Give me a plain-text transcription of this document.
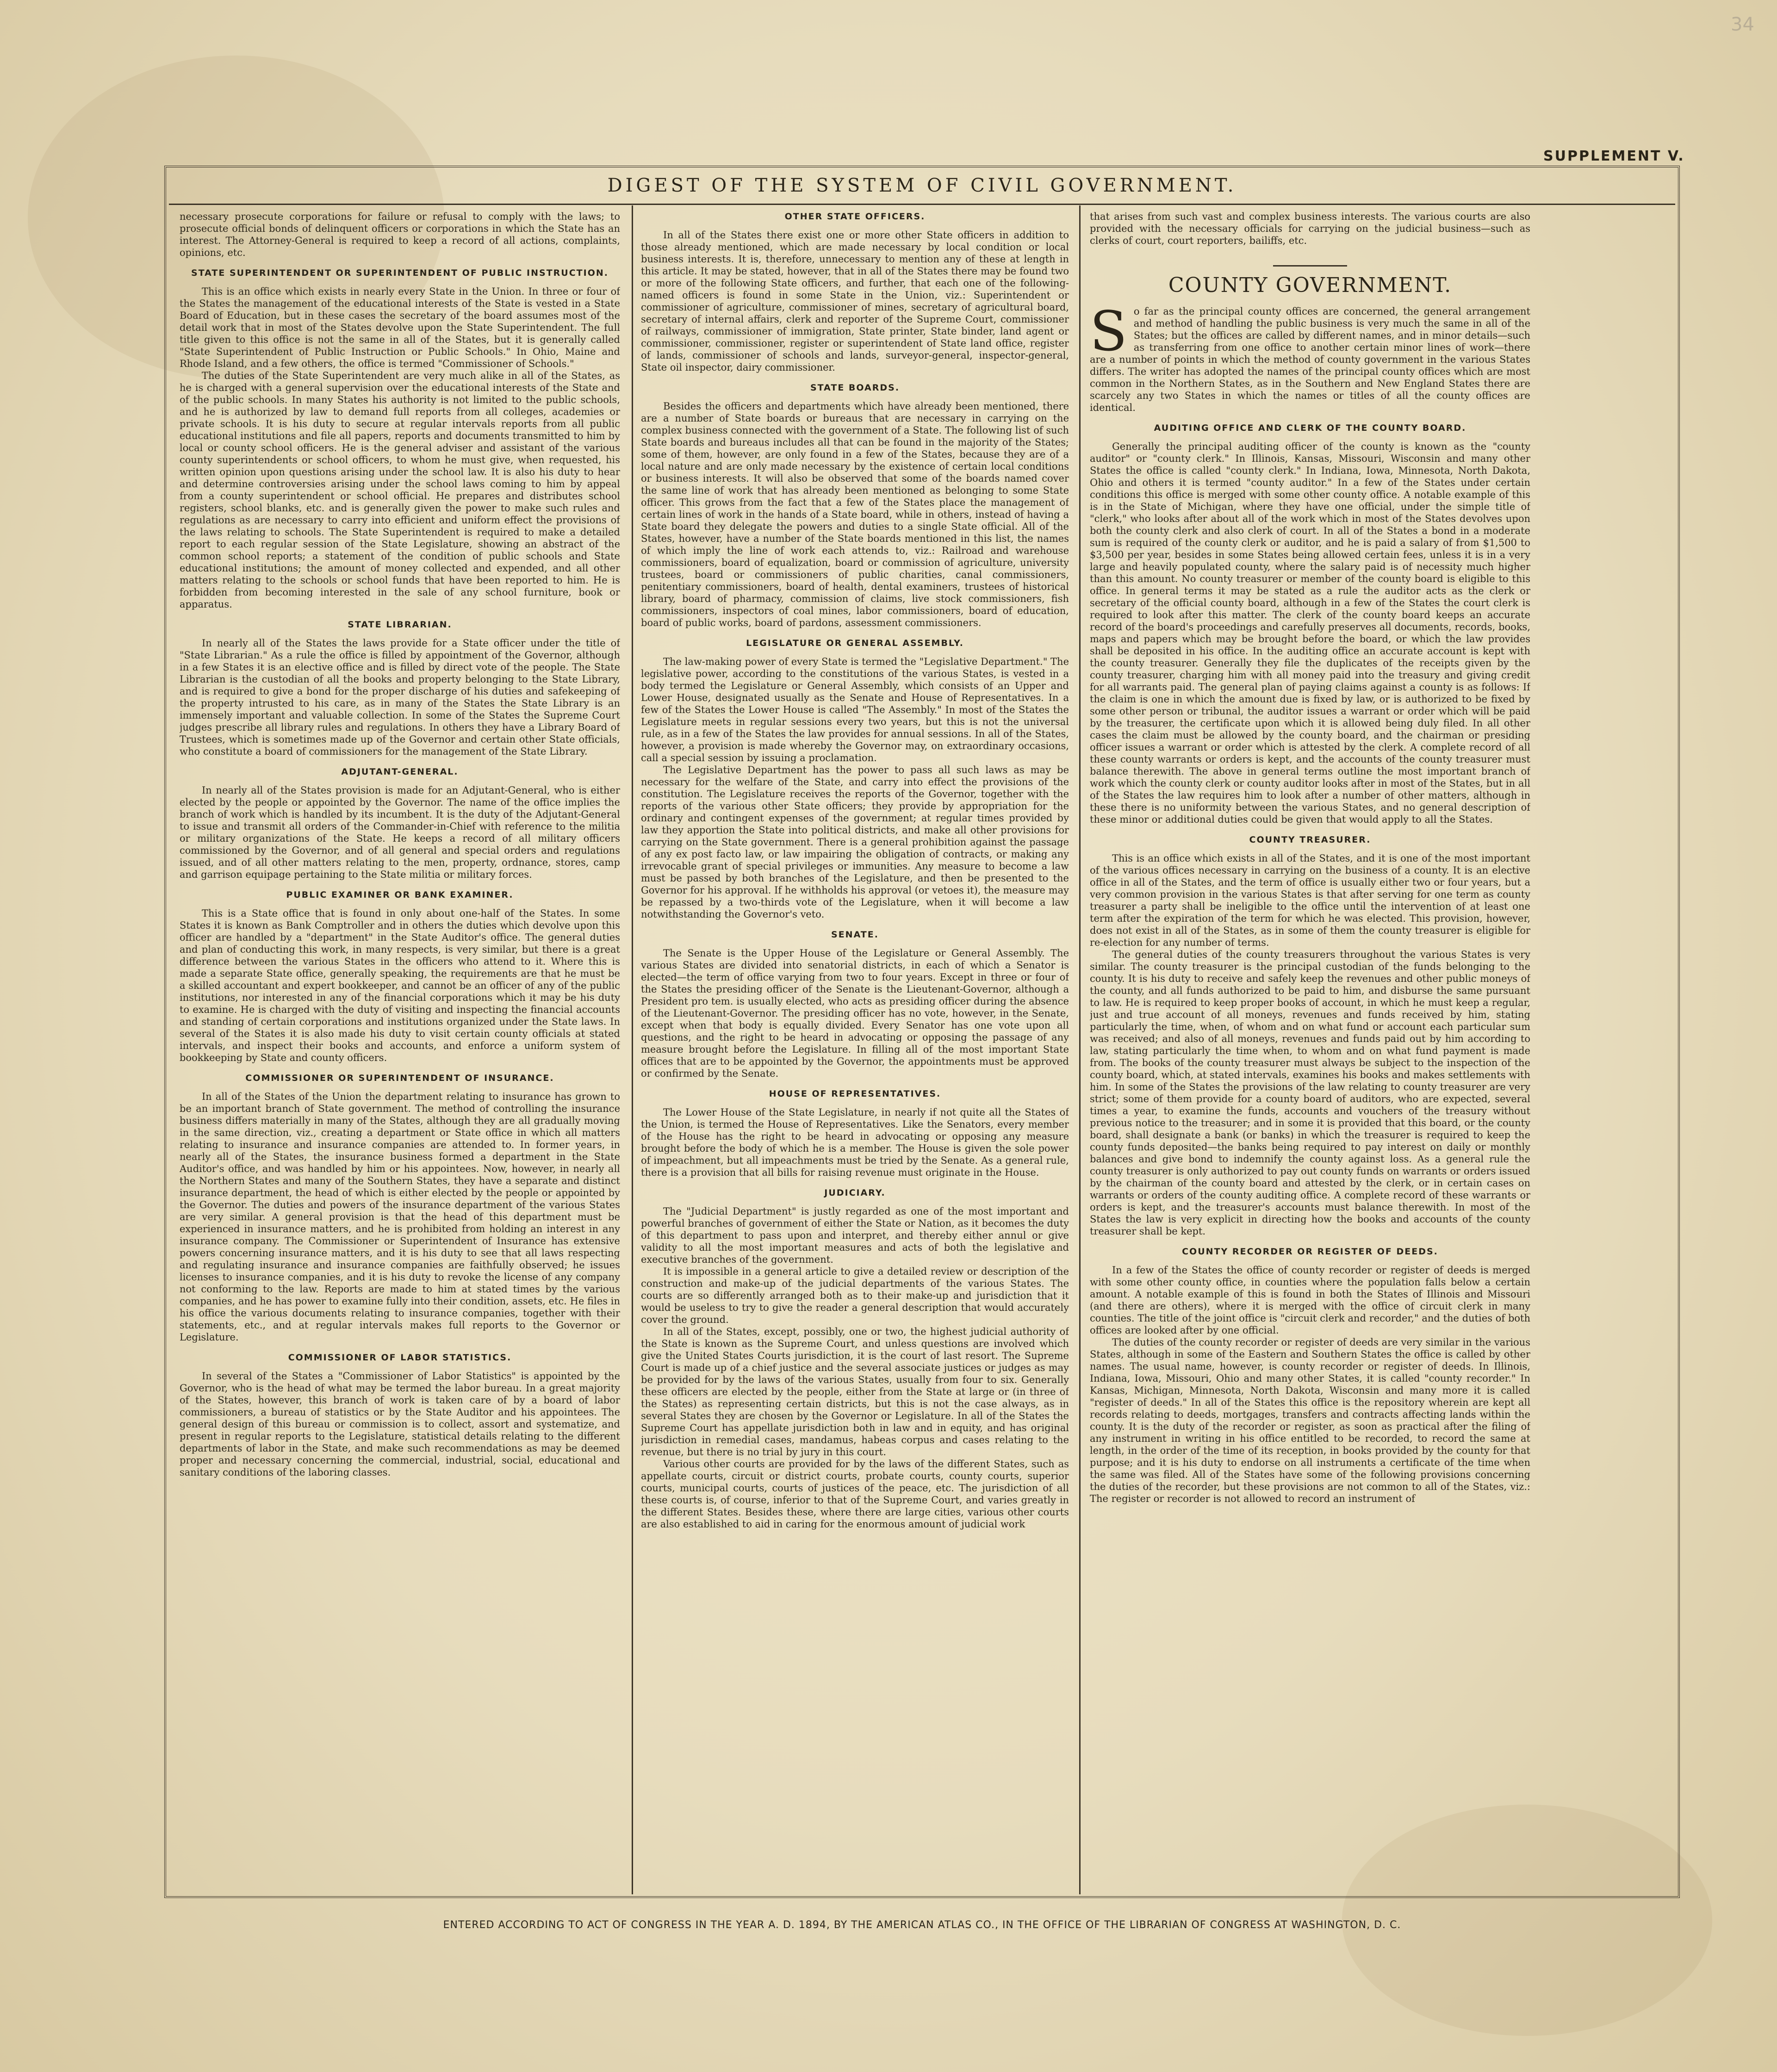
34
SUPPLEMENT V.
DIGEST OF THE SYSTEM OF CIVIL GOVERNMENT.

necessary prosecute corporations for failure or refusal to comply with the laws; to prosecute official bonds of delinquent officers or corporations in which the State has an interest. The Attorney-General is required to keep a record of all actions, complaints, opinions, etc.

STATE SUPERINTENDENT OR SUPERINTENDENT OF PUBLIC INSTRUCTION.

This is an office which exists in nearly every State in the Union. In three or four of the States the management of the educational interests of the State is vested in a State Board of Education, but in these cases the secretary of the board assumes most of the detail work that in most of the States devolve upon the State Superintendent. The full title given to this office is not the same in all of the States, but it is generally called "State Superintendent of Public Instruction or Public Schools." In Ohio, Maine and Rhode Island, and a few others, the office is termed "Commissioner of Schools."

The duties of the State Superintendent are very much alike in all of the States, as he is charged with a general supervision over the educational interests of the State and of the public schools. In many States his authority is not limited to the public schools, and he is authorized by law to demand full reports from all colleges, academies or private schools. It is his duty to secure at regular intervals reports from all public educational institutions and file all papers, reports and documents transmitted to him by local or county school officers. He is the general adviser and assistant of the various county superintendents or school officers, to whom he must give, when requested, his written opinion upon questions arising under the school law. It is also his duty to hear and determine controversies arising under the school laws coming to him by appeal from a county superintendent or school official. He prepares and distributes school registers, school blanks, etc. and is generally given the power to make such rules and regulations as are necessary to carry into efficient and uniform effect the provisions of the laws relating to schools. The State Superintendent is required to make a detailed report to each regular session of the State Legislature, showing an abstract of the common school reports; a statement of the condition of public schools and State educational institutions; the amount of money collected and expended, and all other matters relating to the schools or school funds that have been reported to him. He is forbidden from becoming interested in the sale of any school furniture, book or apparatus.

STATE LIBRARIAN.

In nearly all of the States the laws provide for a State officer under the title of "State Librarian." As a rule the office is filled by appointment of the Governor, although in a few States it is an elective office and is filled by direct vote of the people. The State Librarian is the custodian of all the books and property belonging to the State Library, and is required to give a bond for the proper discharge of his duties and safekeeping of the property intrusted to his care, as in many of the States the State Library is an immensely important and valuable collection. In some of the States the Supreme Court judges prescribe all library rules and regulations. In others they have a Library Board of Trustees, which is sometimes made up of the Governor and certain other State officials, who constitute a board of commissioners for the management of the State Library.

ADJUTANT-GENERAL.

In nearly all of the States provision is made for an Adjutant-General, who is either elected by the people or appointed by the Governor. The name of the office implies the branch of work which is handled by its incumbent. It is the duty of the Adjutant-General to issue and transmit all orders of the Commander-in-Chief with reference to the militia or military organizations of the State. He keeps a record of all military officers commissioned by the Governor, and of all general and special orders and regulations issued, and of all other matters relating to the men, property, ordnance, stores, camp and garrison equipage pertaining to the State militia or military forces.

PUBLIC EXAMINER OR BANK EXAMINER.

This is a State office that is found in only about one-half of the States. In some States it is known as Bank Comptroller and in others the duties which devolve upon this officer are handled by a "department" in the State Auditor's office. The general duties and plan of conducting this work, in many respects, is very similar, but there is a great difference between the various States in the officers who attend to it. Where this is made a separate State office, generally speaking, the requirements are that he must be a skilled accountant and expert bookkeeper, and cannot be an officer of any of the public institutions, nor interested in any of the financial corporations which it may be his duty to examine. He is charged with the duty of visiting and inspecting the financial accounts and standing of certain corporations and institutions organized under the State laws. In several of the States it is also made his duty to visit certain county officials at stated intervals, and inspect their books and accounts, and enforce a uniform system of bookkeeping by State and county officers.

COMMISSIONER OR SUPERINTENDENT OF INSURANCE.

In all of the States of the Union the department relating to insurance has grown to be an important branch of State government. The method of controlling the insurance business differs materially in many of the States, although they are all gradually moving in the same direction, viz., creating a department or State office in which all matters relating to insurance and insurance companies are attended to. In former years, in nearly all of the States, the insurance business formed a department in the State Auditor's office, and was handled by him or his appointees. Now, however, in nearly all the Northern States and many of the Southern States, they have a separate and distinct insurance department, the head of which is either elected by the people or appointed by the Governor. The duties and powers of the insurance department of the various States are very similar. A general provision is that the head of this department must be experienced in insurance matters, and he is prohibited from holding an interest in any insurance company. The Commissioner or Superintendent of Insurance has extensive powers concerning insurance matters, and it is his duty to see that all laws respecting and regulating insurance and insurance companies are faithfully observed; he issues licenses to insurance companies, and it is his duty to revoke the license of any company not conforming to the law. Reports are made to him at stated times by the various companies, and he has power to examine fully into their condition, assets, etc. He files in his office the various documents relating to insurance companies, together with their statements, etc., and at regular intervals makes full reports to the Governor or Legislature.

COMMISSIONER OF LABOR STATISTICS.

In several of the States a "Commissioner of Labor Statistics" is appointed by the Governor, who is the head of what may be termed the labor bureau. In a great majority of the States, however, this branch of work is taken care of by a board of labor commissioners, a bureau of statistics or by the State Auditor and his appointees. The general design of this bureau or commission is to collect, assort and systematize, and present in regular reports to the Legislature, statistical details relating to the different departments of labor in the State, and make such recommendations as may be deemed proper and necessary concerning the commercial, industrial, social, educational and sanitary conditions of the laboring classes.

OTHER STATE OFFICERS.

In all of the States there exist one or more other State officers in addition to those already mentioned, which are made necessary by local condition or local business interests. It is, therefore, unnecessary to mention any of these at length in this article. It may be stated, however, that in all of the States there may be found two or more of the following State officers, and further, that each one of the following-named officers is found in some State in the Union, viz.: Superintendent or commissioner of agriculture, commissioner of mines, secretary of agricultural board, secretary of internal affairs, clerk and reporter of the Supreme Court, commissioner of railways, commissioner of immigration, State printer, State binder, land agent or commissioner, commissioner, register or superintendent of State land office, register of lands, commissioner of schools and lands, surveyor-general, inspector-general, State oil inspector, dairy commissioner.

STATE BOARDS.

Besides the officers and departments which have already been mentioned, there are a number of State boards or bureaus that are necessary in carrying on the complex business connected with the government of a State. The following list of such State boards and bureaus includes all that can be found in the majority of the States; some of them, however, are only found in a few of the States, because they are of a local nature and are only made necessary by the existence of certain local conditions or business interests. It will also be observed that some of the boards named cover the same line of work that has already been mentioned as belonging to some State officer. This grows from the fact that a few of the States place the management of certain lines of work in the hands of a State board, while in others, instead of having a State board they delegate the powers and duties to a single State official. All of the States, however, have a number of the State boards mentioned in this list, the names of which imply the line of work each attends to, viz.: Railroad and warehouse commissioners, board of equalization, board or commission of agriculture, university trustees, board or commissioners of public charities, canal commissioners, penitentiary commissioners, board of health, dental examiners, trustees of historical library, board of pharmacy, commission of claims, live stock commissioners, fish commissioners, inspectors of coal mines, labor commissioners, board of education, board of public works, board of pardons, assessment commissioners.

LEGISLATURE OR GENERAL ASSEMBLY.

The law-making power of every State is termed the "Legislative Department." The legislative power, according to the constitutions of the various States, is vested in a body termed the Legislature or General Assembly, which consists of an Upper and Lower House, designated usually as the Senate and House of Representatives. In a few of the States the Lower House is called "The Assembly." In most of the States the Legislature meets in regular sessions every two years, but this is not the universal rule, as in a few of the States the law provides for annual sessions. In all of the States, however, a provision is made whereby the Governor may, on extraordinary occasions, call a special session by issuing a proclamation.

The Legislative Department has the power to pass all such laws as may be necessary for the welfare of the State, and carry into effect the provisions of the constitution. The Legislature receives the reports of the Governor, together with the reports of the various other State officers; they provide by appropriation for the ordinary and contingent expenses of the government; at regular times provided by law they apportion the State into political districts, and make all other provisions for carrying on the State government. There is a general prohibition against the passage of any ex post facto law, or law impairing the obligation of contracts, or making any irrevocable grant of special privileges or immunities. Any measure to become a law must be passed by both branches of the Legislature, and then be presented to the Governor for his approval. If he withholds his approval (or vetoes it), the measure may be repassed by a two-thirds vote of the Legislature, when it will become a law notwithstanding the Governor's veto.

SENATE.

The Senate is the Upper House of the Legislature or General Assembly. The various States are divided into senatorial districts, in each of which a Senator is elected—the term of office varying from two to four years. Except in three or four of the States the presiding officer of the Senate is the Lieutenant-Governor, although a President pro tem. is usually elected, who acts as presiding officer during the absence of the Lieutenant-Governor. The presiding officer has no vote, however, in the Senate, except when that body is equally divided. Every Senator has one vote upon all questions, and the right to be heard in advocating or opposing the passage of any measure brought before the Legislature. In filling all of the most important State offices that are to be appointed by the Governor, the appointments must be approved or confirmed by the Senate.

HOUSE OF REPRESENTATIVES.

The Lower House of the State Legislature, in nearly if not quite all the States of the Union, is termed the House of Representatives. Like the Senators, every member of the House has the right to be heard in advocating or opposing any measure brought before the body of which he is a member. The House is given the sole power of impeachment, but all impeachments must be tried by the Senate. As a general rule, there is a provision that all bills for raising revenue must originate in the House.

JUDICIARY.

The "Judicial Department" is justly regarded as one of the most important and powerful branches of government of either the State or Nation, as it becomes the duty of this department to pass upon and interpret, and thereby either annul or give validity to all the most important measures and acts of both the legislative and executive branches of the government.

It is impossible in a general article to give a detailed review or description of the construction and make-up of the judicial departments of the various States. The courts are so differently arranged both as to their make-up and jurisdiction that it would be useless to try to give the reader a general description that would accurately cover the ground.

In all of the States, except, possibly, one or two, the highest judicial authority of the State is known as the Supreme Court, and unless questions are involved which give the United States Courts jurisdiction, it is the court of last resort. The Supreme Court is made up of a chief justice and the several associate justices or judges as may be provided for by the laws of the various States, usually from four to six. Generally these officers are elected by the people, either from the State at large or (in three of the States) as representing certain districts, but this is not the case always, as in several States they are chosen by the Governor or Legislature. In all of the States the Supreme Court has appellate jurisdiction both in law and in equity, and has original jurisdiction in remedial cases, mandamus, habeas corpus and cases relating to the revenue, but there is no trial by jury in this court.

Various other courts are provided for by the laws of the different States, such as appellate courts, circuit or district courts, probate courts, county courts, superior courts, municipal courts, courts of justices of the peace, etc. The jurisdiction of all these courts is, of course, inferior to that of the Supreme Court, and varies greatly in the different States. Besides these, where there are large cities, various other courts are also established to aid in caring for the enormous amount of judicial work

that arises from such vast and complex business interests. The various courts are also provided with the necessary officials for carrying on the judicial business—such as clerks of court, court reporters, bailiffs, etc.

COUNTY GOVERNMENT.

So far as the principal county offices are concerned, the general arrangement and method of handling the public business is very much the same in all of the States; but the offices are called by different names, and in minor details—such as transferring from one office to another certain minor lines of work—there are a number of points in which the method of county government in the various States differs. The writer has adopted the names of the principal county offices which are most common in the Northern States, as in the Southern and New England States there are scarcely any two States in which the names or titles of all the county offices are identical.

AUDITING OFFICE AND CLERK OF THE COUNTY BOARD.

Generally the principal auditing officer of the county is known as the "county auditor" or "county clerk." In Illinois, Kansas, Missouri, Wisconsin and many other States the office is called "county clerk." In Indiana, Iowa, Minnesota, North Dakota, Ohio and others it is termed "county auditor." In a few of the States under certain conditions this office is merged with some other county office. A notable example of this is in the State of Michigan, where they have one official, under the simple title of "clerk," who looks after about all of the work which in most of the States devolves upon both the county clerk and also clerk of court. In all of the States a bond in a moderate sum is required of the county clerk or auditor, and he is paid a salary of from $1,500 to $3,500 per year, besides in some States being allowed certain fees, unless it is in a very large and heavily populated county, where the salary paid is of necessity much higher than this amount. No county treasurer or member of the county board is eligible to this office. In general terms it may be stated as a rule the auditor acts as the clerk or secretary of the official county board, although in a few of the States the court clerk is required to look after this matter. The clerk of the county board keeps an accurate record of the board's proceedings and carefully preserves all documents, records, books, maps and papers which may be brought before the board, or which the law provides shall be deposited in his office. In the auditing office an accurate account is kept with the county treasurer. Generally they file the duplicates of the receipts given by the county treasurer, charging him with all money paid into the treasury and giving credit for all warrants paid. The general plan of paying claims against a county is as follows: If the claim is one in which the amount due is fixed by law, or is authorized to be fixed by some other person or tribunal, the auditor issues a warrant or order which will be paid by the treasurer, the certificate upon which it is allowed being duly filed. In all other cases the claim must be allowed by the county board, and the chairman or presiding officer issues a warrant or order which is attested by the clerk. A complete record of all these county warrants or orders is kept, and the accounts of the county treasurer must balance therewith. The above in general terms outline the most important branch of work which the county clerk or county auditor looks after in most of the States, but in all of the States the law requires him to look after a number of other matters, although in these there is no uniformity between the various States, and no general description of these minor or additional duties could be given that would apply to all the States.

COUNTY TREASURER.

This is an office which exists in all of the States, and it is one of the most important of the various offices necessary in carrying on the business of a county. It is an elective office in all of the States, and the term of office is usually either two or four years, but a very common provision in the various States is that after serving for one term as county treasurer a party shall be ineligible to the office until the intervention of at least one term after the expiration of the term for which he was elected. This provision, however, does not exist in all of the States, as in some of them the county treasurer is eligible for re-election for any number of terms.

The general duties of the county treasurers throughout the various States is very similar. The county treasurer is the principal custodian of the funds belonging to the county. It is his duty to receive and safely keep the revenues and other public moneys of the county, and all funds authorized to be paid to him, and disburse the same pursuant to law. He is required to keep proper books of account, in which he must keep a regular, just and true account of all moneys, revenues and funds received by him, stating particularly the time, when, of whom and on what fund or account each particular sum was received; and also of all moneys, revenues and funds paid out by him according to law, stating particularly the time when, to whom and on what fund payment is made from. The books of the county treasurer must always be subject to the inspection of the county board, which, at stated intervals, examines his books and makes settlements with him. In some of the States the provisions of the law relating to county treasurer are very strict; some of them provide for a county board of auditors, who are expected, several times a year, to examine the funds, accounts and vouchers of the treasury without previous notice to the treasurer; and in some it is provided that this board, or the county board, shall designate a bank (or banks) in which the treasurer is required to keep the county funds deposited—the banks being required to pay interest on daily or monthly balances and give bond to indemnify the county against loss. As a general rule the county treasurer is only authorized to pay out county funds on warrants or orders issued by the chairman of the county board and attested by the clerk, or in certain cases on warrants or orders of the county auditing office. A complete record of these warrants or orders is kept, and the treasurer's accounts must balance therewith. In most of the States the law is very explicit in directing how the books and accounts of the county treasurer shall be kept.

COUNTY RECORDER OR REGISTER OF DEEDS.

In a few of the States the office of county recorder or register of deeds is merged with some other county office, in counties where the population falls below a certain amount. A notable example of this is found in both the States of Illinois and Missouri (and there are others), where it is merged with the office of circuit clerk in many counties. The title of the joint office is "circuit clerk and recorder," and the duties of both offices are looked after by one official.

The duties of the county recorder or register of deeds are very similar in the various States, although in some of the Eastern and Southern States the office is called by other names. The usual name, however, is county recorder or register of deeds. In Illinois, Indiana, Iowa, Missouri, Ohio and many other States, it is called "county recorder." In Kansas, Michigan, Minnesota, North Dakota, Wisconsin and many more it is called "register of deeds." In all of the States this office is the repository wherein are kept all records relating to deeds, mortgages, transfers and contracts affecting lands within the county. It is the duty of the recorder or register, as soon as practical after the filing of any instrument in writing in his office entitled to be recorded, to record the same at length, in the order of the time of its reception, in books provided by the county for that purpose; and it is his duty to endorse on all instruments a certificate of the time when the same was filed. All of the States have some of the following provisions concerning the duties of the recorder, but these provisions are not common to all of the States, viz.: The register or recorder is not allowed to record an instrument of

ENTERED ACCORDING TO ACT OF CONGRESS IN THE YEAR A. D. 1894, BY THE AMERICAN ATLAS CO., IN THE OFFICE OF THE LIBRARIAN OF CONGRESS AT WASHINGTON, D. C.
